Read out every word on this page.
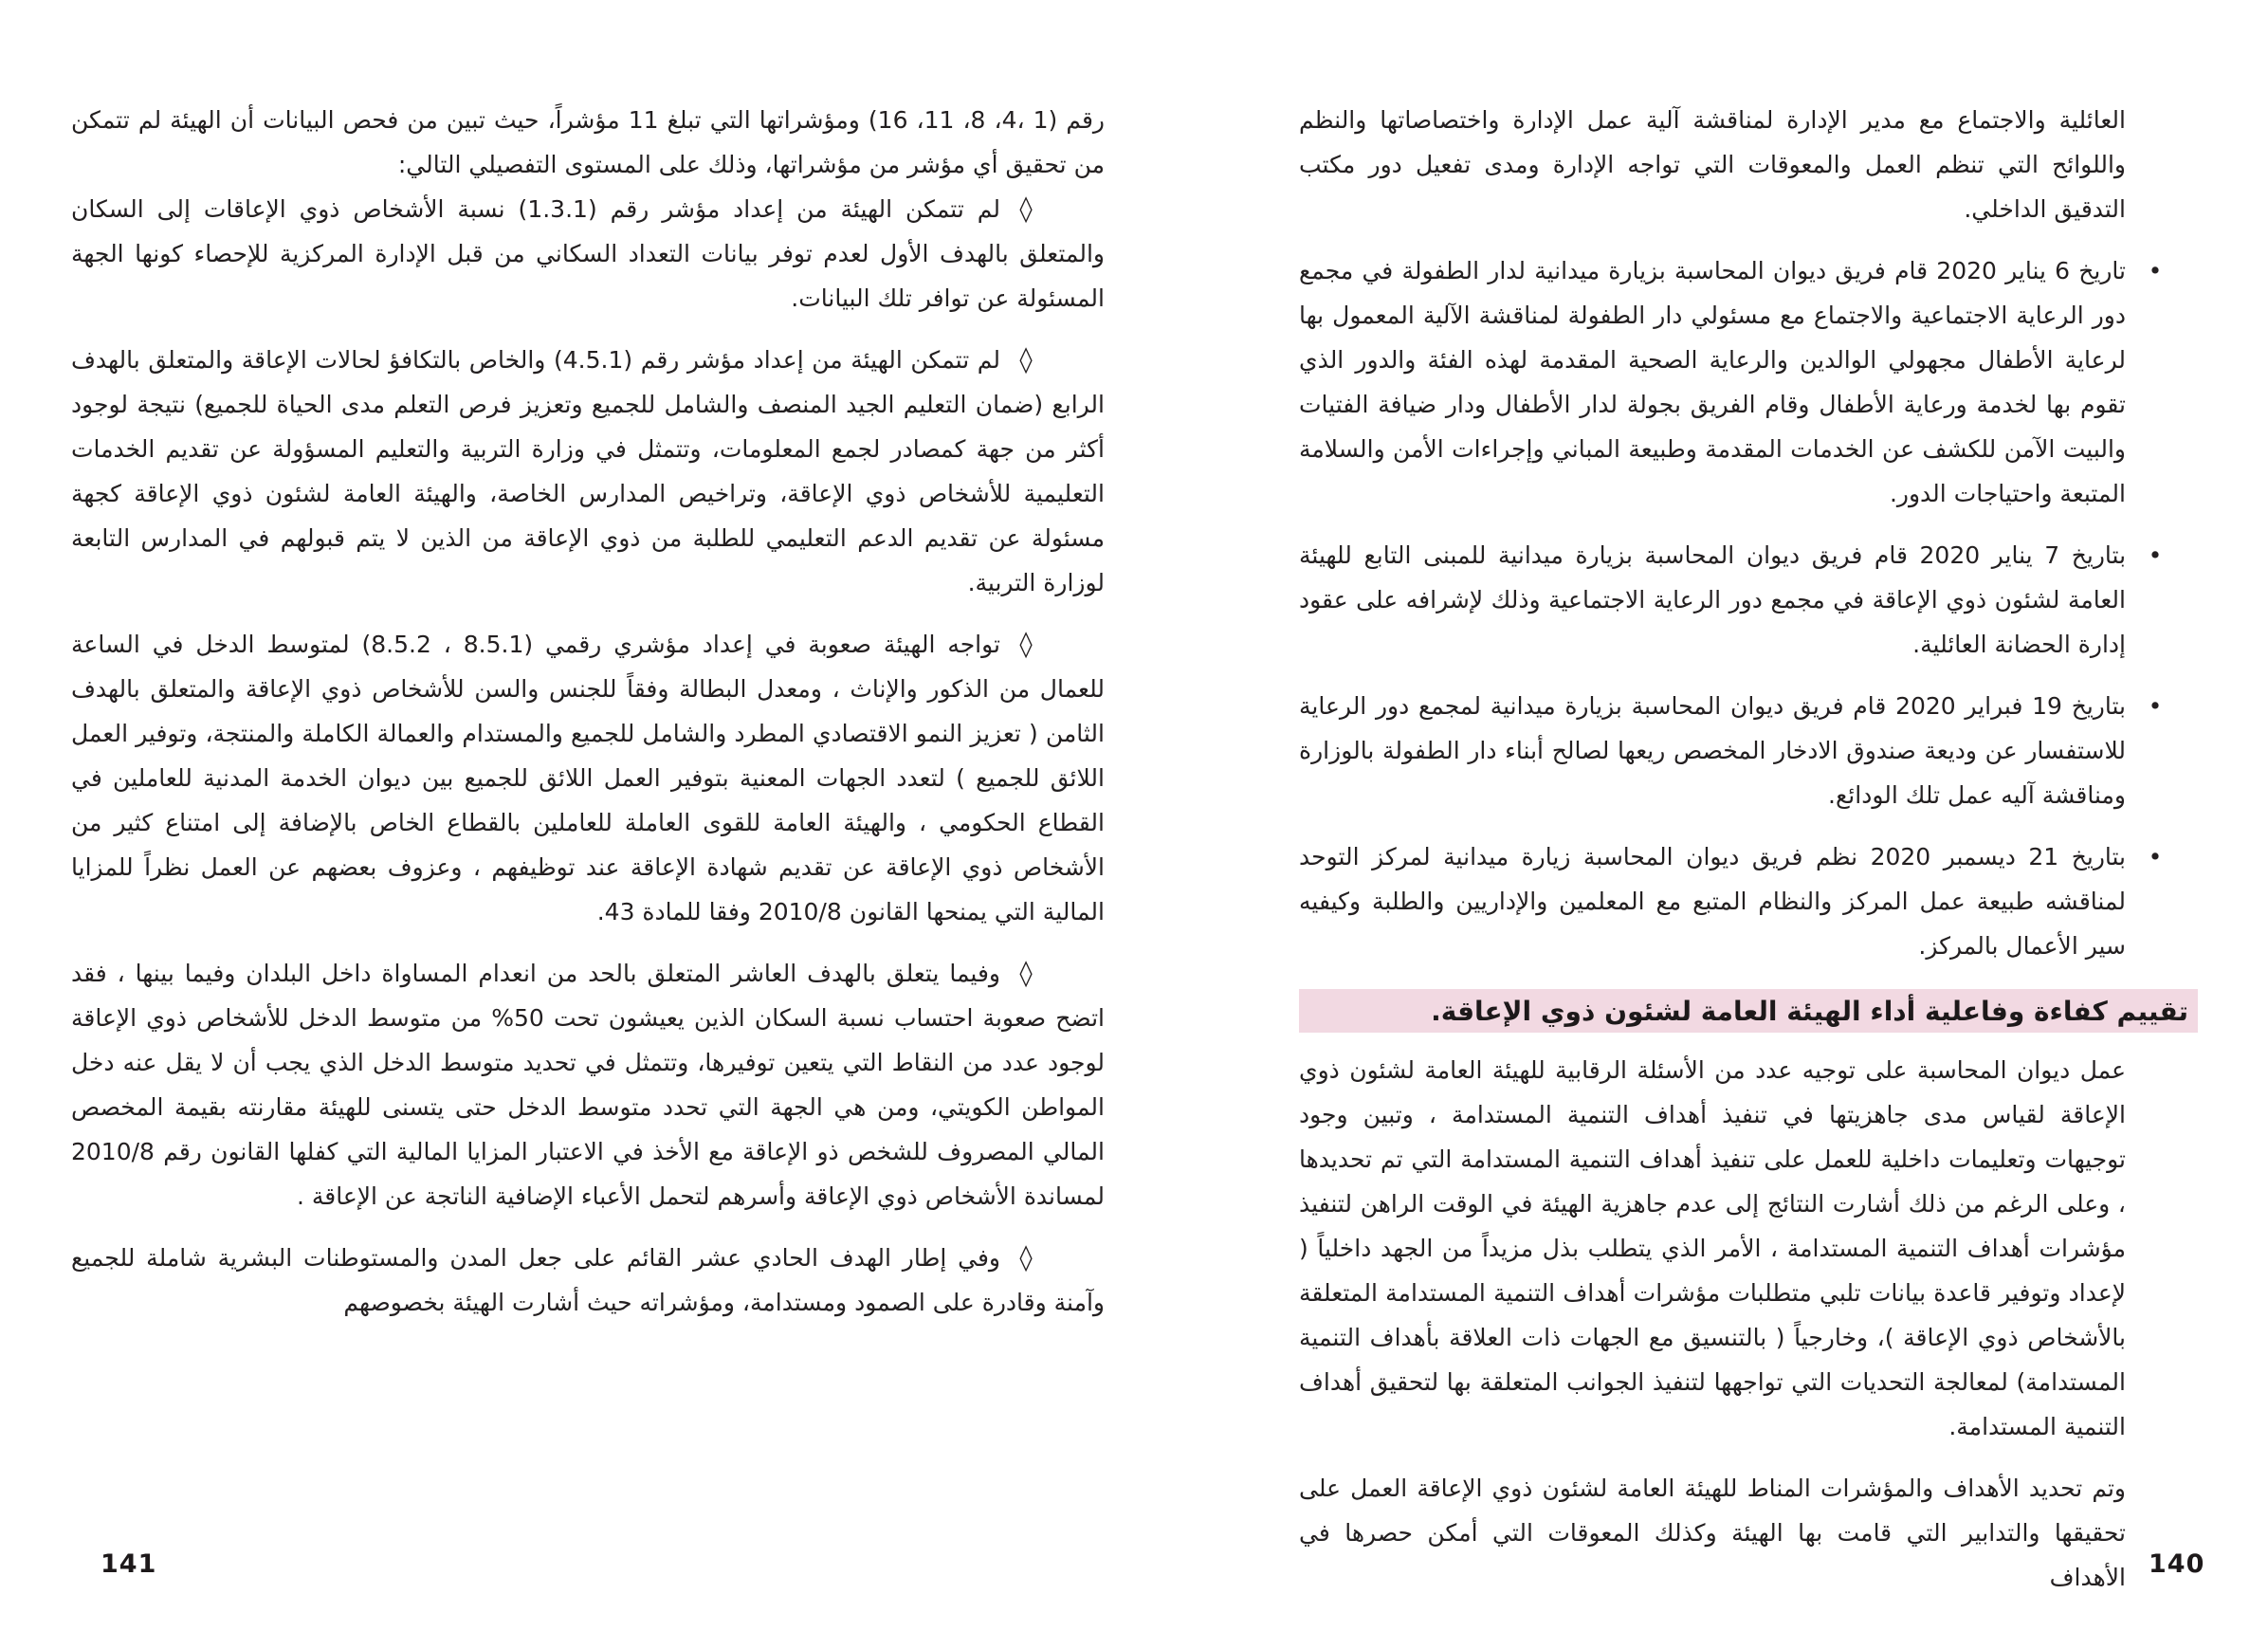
رقم (1 ،4، 8، 11، 16) ومؤشراتها التي تبلغ 11 مؤشراً، حيث تبين من فحص البيانات أن الهيئة لم تتمكن من تحقيق أي مؤشر من مؤشراتها، وذلك على المستوى التفصيلي التالي:

◊
لم تتمكن الهيئة من إعداد مؤشر رقم (1.3.1) نسبة الأشخاص ذوي الإعاقات إلى السكان والمتعلق بالهدف الأول لعدم توفر بيانات التعداد السكاني من قبل الإدارة المركزية للإحصاء كونها الجهة المسئولة عن توافر تلك البيانات.
◊
لم تتمكن الهيئة من إعداد مؤشر رقم (4.5.1) والخاص بالتكافؤ لحالات الإعاقة والمتعلق بالهدف الرابع (ضمان التعليم الجيد المنصف والشامل للجميع وتعزيز فرص التعلم مدى الحياة للجميع) نتيجة لوجود أكثر من جهة كمصادر لجمع المعلومات، وتتمثل في وزارة التربية والتعليم المسؤولة عن تقديم الخدمات التعليمية للأشخاص ذوي الإعاقة، وتراخيص المدارس الخاصة، والهيئة العامة لشئون ذوي الإعاقة كجهة مسئولة عن تقديم الدعم التعليمي للطلبة من ذوي الإعاقة من الذين لا يتم قبولهم في المدارس التابعة لوزارة التربية.
◊
تواجه الهيئة صعوبة في إعداد مؤشري رقمي (8.5.1 ، 8.5.2) لمتوسط الدخل في الساعة للعمال من الذكور والإناث ، ومعدل البطالة وفقاً للجنس والسن للأشخاص ذوي الإعاقة والمتعلق بالهدف الثامن ( تعزيز النمو الاقتصادي المطرد والشامل للجميع والمستدام والعمالة الكاملة والمنتجة، وتوفير العمل اللائق للجميع ) لتعدد الجهات المعنية بتوفير العمل اللائق للجميع بين ديوان الخدمة المدنية للعاملين في القطاع الحكومي ، والهيئة العامة للقوى العاملة للعاملين بالقطاع الخاص بالإضافة إلى امتناع كثير من الأشخاص ذوي الإعاقة عن تقديم شهادة الإعاقة عند توظيفهم ، وعزوف بعضهم عن العمل نظراً للمزايا المالية التي يمنحها القانون 2010/8 وفقا للمادة 43.
◊
وفيما يتعلق بالهدف العاشر المتعلق بالحد من انعدام المساواة داخل البلدان وفيما بينها ، فقد اتضح صعوبة احتساب نسبة السكان الذين يعيشون تحت 50% من متوسط الدخل للأشخاص ذوي الإعاقة لوجود عدد من النقاط التي يتعين توفيرها، وتتمثل في تحديد متوسط الدخل الذي يجب أن لا يقل عنه دخل المواطن الكويتي، ومن هي الجهة التي تحدد متوسط الدخل حتى يتسنى للهيئة مقارنته بقيمة المخصص المالي المصروف للشخص ذو الإعاقة مع الأخذ في الاعتبار المزايا المالية التي كفلها القانون رقم 2010/8 لمساندة الأشخاص ذوي الإعاقة وأسرهم لتحمل الأعباء الإضافية الناتجة عن الإعاقة .
◊
وفي إطار الهدف الحادي عشر القائم على جعل المدن والمستوطنات البشرية شاملة للجميع وآمنة وقادرة على الصمود ومستدامة، ومؤشراته حيث أشارت الهيئة بخصوصهم
141

العائلية والاجتماع مع مدير الإدارة لمناقشة آلية عمل الإدارة واختصاصاتها والنظم واللوائح التي تنظم العمل والمعوقات التي تواجه الإدارة ومدى تفعيل دور مكتب التدقيق الداخلي.

•
تاريخ 6 يناير 2020 قام فريق ديوان المحاسبة بزيارة ميدانية لدار الطفولة في مجمع دور الرعاية الاجتماعية والاجتماع مع مسئولي دار الطفولة لمناقشة الآلية المعمول بها لرعاية الأطفال مجهولي الوالدين والرعاية الصحية المقدمة لهذه الفئة والدور الذي تقوم بها لخدمة ورعاية الأطفال وقام الفريق بجولة لدار الأطفال ودار ضيافة الفتيات والبيت الآمن للكشف عن الخدمات المقدمة وطبيعة المباني وإجراءات الأمن والسلامة المتبعة واحتياجات الدور.
•
بتاريخ 7 يناير 2020 قام فريق ديوان المحاسبة بزيارة ميدانية للمبنى التابع للهيئة العامة لشئون ذوي الإعاقة في مجمع دور الرعاية الاجتماعية وذلك لإشرافه على عقود إدارة الحضانة العائلية.
•
بتاريخ 19 فبراير 2020 قام فريق ديوان المحاسبة بزيارة ميدانية لمجمع دور الرعاية للاستفسار عن وديعة صندوق الادخار المخصص ريعها لصالح أبناء دار الطفولة بالوزارة ومناقشة آليه عمل تلك الودائع.
•
بتاريخ 21 ديسمبر 2020 نظم فريق ديوان المحاسبة زيارة ميدانية لمركز التوحد لمناقشه طبيعة عمل المركز والنظام المتبع مع المعلمين والإداريين والطلبة وكيفيه سير الأعمال بالمركز.
تقييم كفاءة وفاعلية أداء الهيئة العامة لشئون ذوي الإعاقة.

عمل ديوان المحاسبة على توجيه عدد من الأسئلة الرقابية للهيئة العامة لشئون ذوي الإعاقة لقياس مدى جاهزيتها في تنفيذ أهداف التنمية المستدامة ، وتبين وجود توجيهات وتعليمات داخلية للعمل على تنفيذ أهداف التنمية المستدامة التي تم تحديدها ، وعلى الرغم من ذلك أشارت النتائج إلى عدم جاهزية الهيئة في الوقت الراهن لتنفيذ مؤشرات أهداف التنمية المستدامة ، الأمر الذي يتطلب بذل مزيداً من الجهد داخلياً ( لإعداد وتوفير قاعدة بيانات تلبي متطلبات مؤشرات أهداف التنمية المستدامة المتعلقة بالأشخاص ذوي الإعاقة )، وخارجياً ( بالتنسيق مع الجهات ذات العلاقة بأهداف التنمية المستدامة) لمعالجة التحديات التي تواجهها لتنفيذ الجوانب المتعلقة بها لتحقيق أهداف التنمية المستدامة.

وتم تحديد الأهداف والمؤشرات المناط للهيئة العامة لشئون ذوي الإعاقة العمل على تحقيقها والتدابير التي قامت بها الهيئة وكذلك المعوقات التي أمكن حصرها في الأهداف 140
